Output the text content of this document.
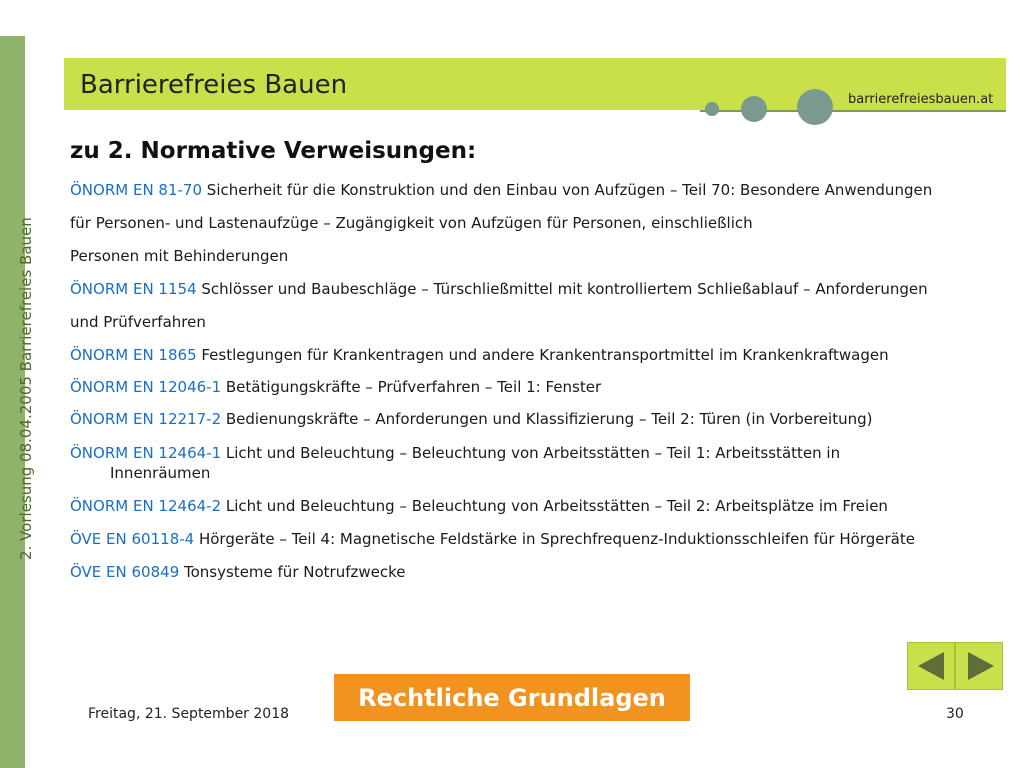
2. Vorlesung 08.04.2005 Barrierefreies Bauen
Barrierefreies Bauen	barrierefreiesbauen.at
zu 2. Normative Verweisungen:
ÖNORM EN 81-70 Sicherheit für die Konstruktion und den Einbau von Aufzügen – Teil 70: Besondere Anwendungen
für Personen- und Lastenaufzüge – Zugängigkeit von Aufzügen für Personen, einschließlich
Personen mit Behinderungen
ÖNORM EN 1154 Schlösser und Baubeschläge – Türschließmittel mit kontrolliertem Schließablauf – Anforderungen
und Prüfverfahren
ÖNORM EN 1865 Festlegungen für Krankentragen und andere Krankentransportmittel im Krankenkraftwagen
ÖNORM EN 12046-1 Betätigungskräfte – Prüfverfahren – Teil 1: Fenster
ÖNORM EN 12217-2 Bedienungskräfte – Anforderungen und Klassifizierung – Teil 2: Türen (in Vorbereitung)
ÖNORM EN 12464-1 Licht und Beleuchtung – Beleuchtung von Arbeitsstätten – Teil 1: Arbeitsstätten in
Innenräumen
ÖNORM EN 12464-2 Licht und Beleuchtung – Beleuchtung von Arbeitsstätten – Teil 2: Arbeitsplätze im Freien
ÖVE EN 60118-4 Hörgeräte – Teil 4: Magnetische Feldstärke in Sprechfrequenz-Induktionsschleifen für Hörgeräte
ÖVE EN 60849 Tonsysteme für Notrufzwecke
Rechtliche Grundlagen
Freitag, 21. September 2018	30
